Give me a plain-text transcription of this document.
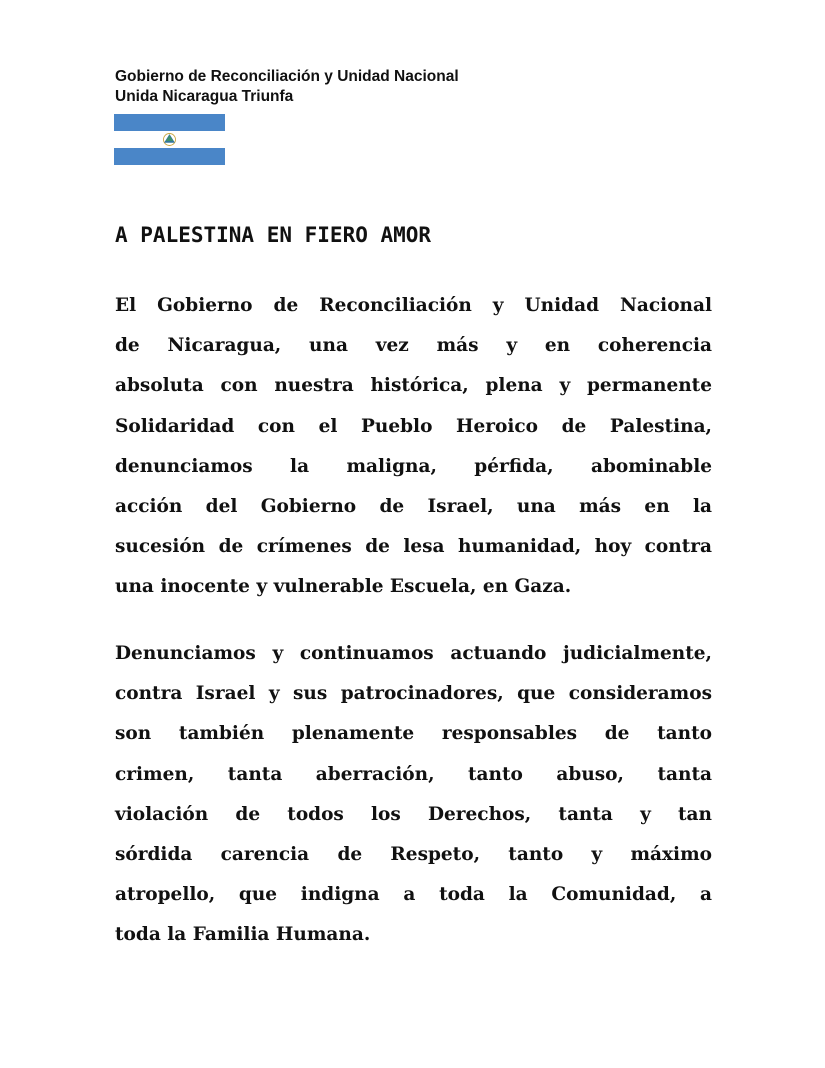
Gobierno de Reconciliación y Unidad Nacional
Unida Nicaragua Triunfa
A PALESTINA EN FIERO AMOR
El Gobierno de Reconciliación y Unidad Nacional
de Nicaragua, una vez más y en coherencia
absoluta con nuestra histórica, plena y permanente
Solidaridad con el Pueblo Heroico de Palestina,
denunciamos la maligna, pérfida, abominable
acción del Gobierno de Israel, una más en la
sucesión de crímenes de lesa humanidad, hoy contra
una inocente y vulnerable Escuela, en Gaza.
Denunciamos y continuamos actuando judicialmente,
contra Israel y sus patrocinadores, que consideramos
son también plenamente responsables de tanto
crimen, tanta aberración, tanto abuso, tanta
violación de todos los Derechos, tanta y tan
sórdida carencia de Respeto, tanto y máximo
atropello, que indigna a toda la Comunidad, a
toda la Familia Humana.
